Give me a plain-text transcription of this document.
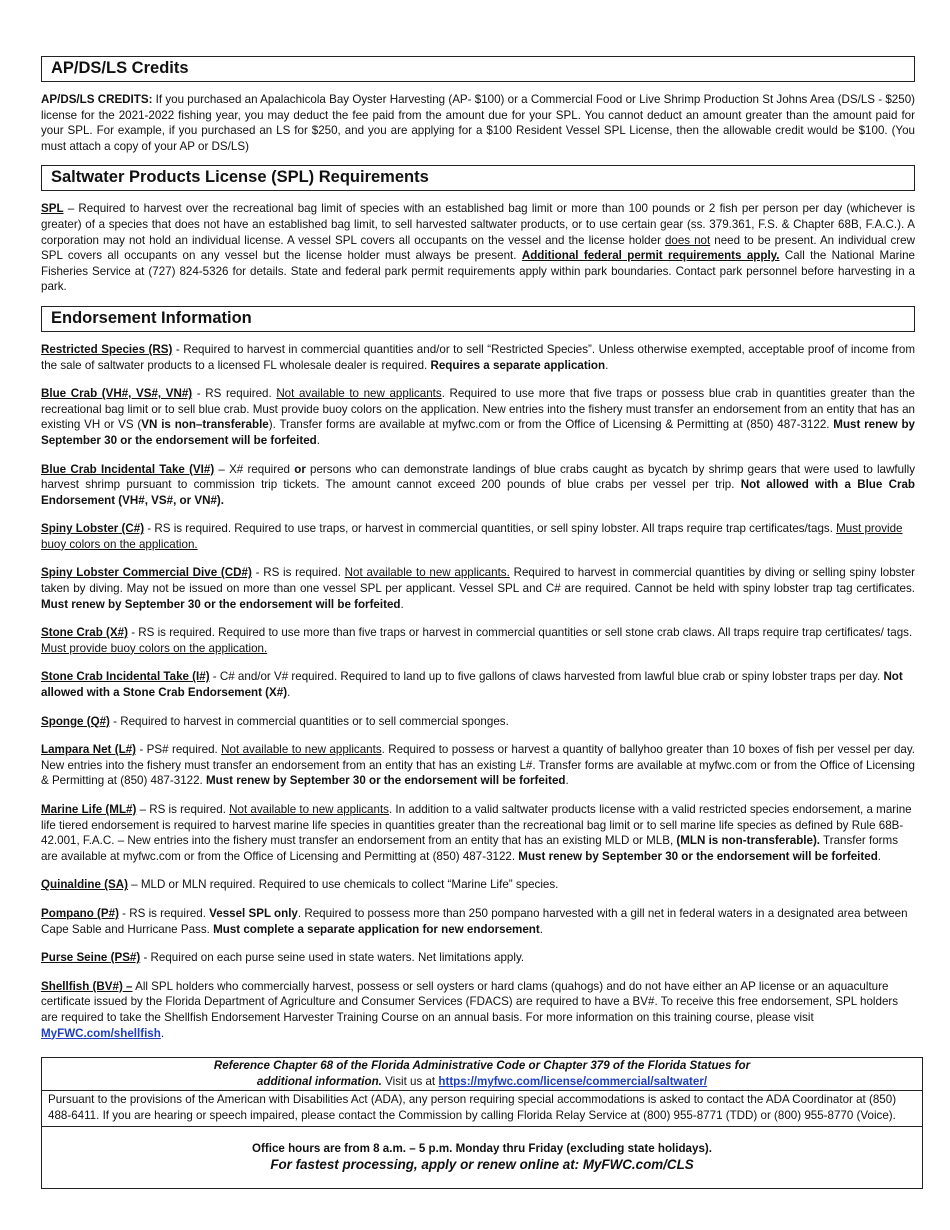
AP/DS/LS Credits

AP/DS/LS CREDITS: If you purchased an Apalachicola Bay Oyster Harvesting (AP- $100) or a Commercial Food or Live Shrimp Production St Johns Area (DS/LS - $250) license for the 2021-2022 fishing year, you may deduct the fee paid from the amount due for your SPL. You cannot deduct an amount greater than the amount paid for your SPL. For example, if you purchased an LS for $250, and you are applying for a $100 Resident Vessel SPL License, then the allowable credit would be $100. (You must attach a copy of your AP or DS/LS)

Saltwater Products License (SPL) Requirements

SPL – Required to harvest over the recreational bag limit of species with an established bag limit or more than 100 pounds or 2 fish per person per day (whichever is greater) of a species that does not have an established bag limit, to sell harvested saltwater products, or to use certain gear (ss. 379.361, F.S. & Chapter 68B, F.A.C.). A corporation may not hold an individual license. A vessel SPL covers all occupants on the vessel and the license holder does not need to be present. An individual crew SPL covers all occupants on any vessel but the license holder must always be present. Additional federal permit requirements apply. Call the National Marine Fisheries Service at (727) 824-5326 for details. State and federal park permit requirements apply within park boundaries. Contact park personnel before harvesting in a park.

Endorsement Information

Restricted Species (RS) - Required to harvest in commercial quantities and/or to sell “Restricted Species”. Unless otherwise exempted, acceptable proof of income from the sale of saltwater products to a licensed FL wholesale dealer is required. Requires a separate application.

Blue Crab (VH#, VS#, VN#) - RS required. Not available to new applicants. Required to use more that five traps or possess blue crab in quantities greater than the recreational bag limit or to sell blue crab. Must provide buoy colors on the application. New entries into the fishery must transfer an endorsement from an entity that has an existing VH or VS (VN is non–transferable). Transfer forms are available at myfwc.com or from the Office of Licensing & Permitting at (850) 487-3122. Must renew by September 30 or the endorsement will be forfeited.

Blue Crab Incidental Take (VI#) – X# required or persons who can demonstrate landings of blue crabs caught as bycatch by shrimp gears that were used to lawfully harvest shrimp pursuant to commission trip tickets. The amount cannot exceed 200 pounds of blue crabs per vessel per trip. Not allowed with a Blue Crab Endorsement (VH#, VS#, or VN#).

Spiny Lobster (C#) - RS is required. Required to use traps, or harvest in commercial quantities, or sell spiny lobster. All traps require trap certificates/tags. Must provide buoy colors on the application.

Spiny Lobster Commercial Dive (CD#) - RS is required. Not available to new applicants. Required to harvest in commercial quantities by diving or selling spiny lobster taken by diving. May not be issued on more than one vessel SPL per applicant. Vessel SPL and C# are required. Cannot be held with spiny lobster trap tag certificates. Must renew by September 30 or the endorsement will be forfeited.

Stone Crab (X#) - RS is required. Required to use more than five traps or harvest in commercial quantities or sell stone crab claws. All traps require trap certificates/ tags. Must provide buoy colors on the application.

Stone Crab Incidental Take (I#) - C# and/or V# required. Required to land up to five gallons of claws harvested from lawful blue crab or spiny lobster traps per day. Not allowed with a Stone Crab Endorsement (X#).

Sponge (Q#) - Required to harvest in commercial quantities or to sell commercial sponges.

Lampara Net (L#) - PS# required. Not available to new applicants. Required to possess or harvest a quantity of ballyhoo greater than 10 boxes of fish per vessel per day. New entries into the fishery must transfer an endorsement from an entity that has an existing L#. Transfer forms are available at myfwc.com or from the Office of Licensing & Permitting at (850) 487-3122. Must renew by September 30 or the endorsement will be forfeited.

Marine Life (ML#) – RS is required. Not available to new applicants. In addition to a valid saltwater products license with a valid restricted species endorsement, a marine life tiered endorsement is required to harvest marine life species in quantities greater than the recreational bag limit or to sell marine life species as defined by Rule 68B-42.001, F.A.C. – New entries into the fishery must transfer an endorsement from an entity that has an existing MLD or MLB, (MLN is non-transferable). Transfer forms are available at myfwc.com or from the Office of Licensing and Permitting at (850) 487-3122. Must renew by September 30 or the endorsement will be forfeited.

Quinaldine (SA) – MLD or MLN required. Required to use chemicals to collect “Marine Life” species.

Pompano (P#) - RS is required. Vessel SPL only. Required to possess more than 250 pompano harvested with a gill net in federal waters in a designated area between Cape Sable and Hurricane Pass. Must complete a separate application for new endorsement.

Purse Seine (PS#) - Required on each purse seine used in state waters. Net limitations apply.

Shellfish (BV#) – All SPL holders who commercially harvest, possess or sell oysters or hard clams (quahogs) and do not have either an AP license or an aquaculture certificate issued by the Florida Department of Agriculture and Consumer Services (FDACS) are required to have a BV#. To receive this free endorsement, SPL holders are required to take the Shellfish Endorsement Harvester Training Course on an annual basis. For more information on this training course, please visit MyFWC.com/shellfish.

Reference Chapter 68 of the Florida Administrative Code or Chapter 379 of the Florida Statues for
additional information. Visit us at https://myfwc.com/license/commercial/saltwater/
Pursuant to the provisions of the American with Disabilities Act (ADA), any person requiring special accommodations is asked to contact the ADA Coordinator at (850) 488-6411. If you are hearing or speech impaired, please contact the Commission by calling Florida Relay Service at (800) 955-8771 (TDD) or (800) 955-8770 (Voice).
Office hours are from 8 a.m. – 5 p.m. Monday thru Friday (excluding state holidays).
For fastest processing, apply or renew online at: MyFWC.com/CLS
